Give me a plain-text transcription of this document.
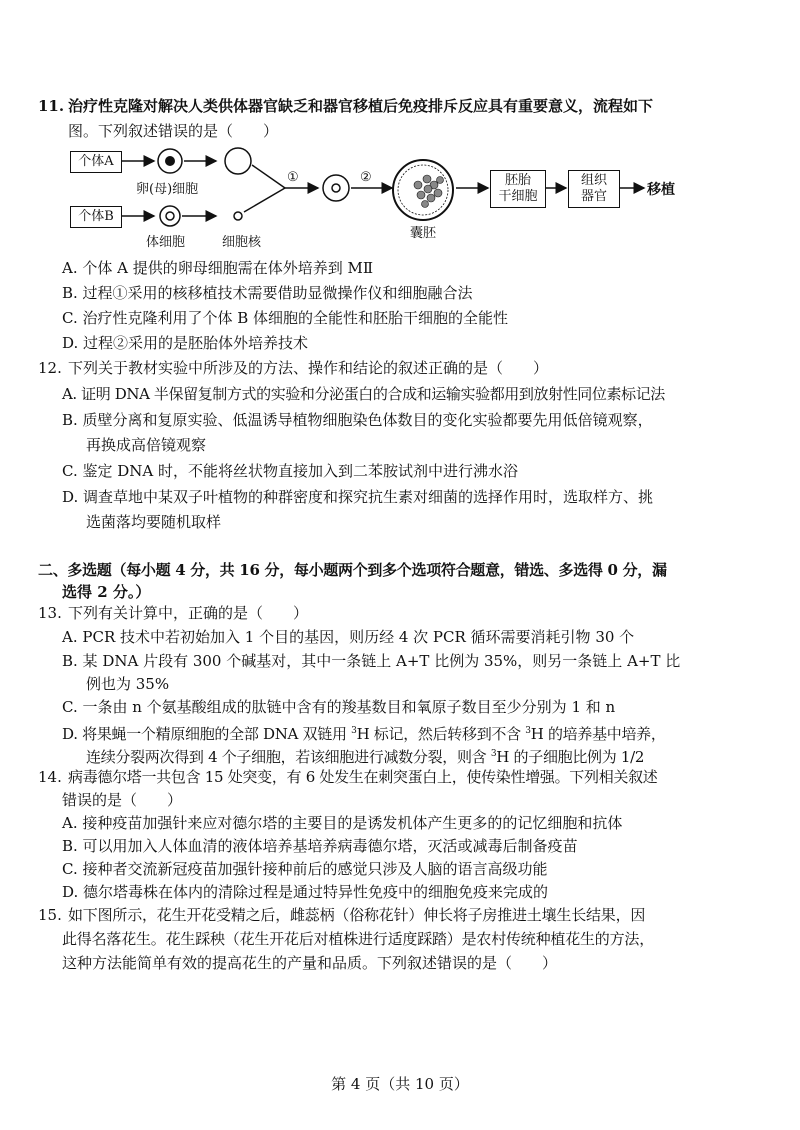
11. 治疗性克隆对解决人类供体器官缺乏和器官移植后免疫排斥反应具有重要意义，流程如下
图。下列叙述错误的是（　　）
个体A
个体B
卵(母)细胞
体细胞	细胞核
①	②
囊胚
胚胎
干细胞
组织
器官	移植
A. 个体 A 提供的卵母细胞需在体外培养到 MⅡ
B. 过程①采用的核移植技术需要借助显微操作仪和细胞融合法
C. 治疗性克隆利用了个体 B 体细胞的全能性和胚胎干细胞的全能性
D. 过程②采用的是胚胎体外培养技术
12. 下列关于教材实验中所涉及的方法、操作和结论的叙述正确的是（　　）
A. 证明 DNA 半保留复制方式的实验和分泌蛋白的合成和运输实验都用到放射性同位素标记法
B. 质壁分离和复原实验、低温诱导植物细胞染色体数目的变化实验都要先用低倍镜观察，
再换成高倍镜观察
C. 鉴定 DNA 时，不能将丝状物直接加入到二苯胺试剂中进行沸水浴
D. 调查草地中某双子叶植物的种群密度和探究抗生素对细菌的选择作用时，选取样方、挑
选菌落均要随机取样
二、多选题（每小题 4 分，共 16 分，每小题两个到多个选项符合题意，错选、多选得 0 分，漏
选得 2 分。）
13. 下列有关计算中，正确的是（　　）
A. PCR 技术中若初始加入 1 个目的基因，则历经 4 次 PCR 循环需要消耗引物 30 个
B. 某 DNA 片段有 300 个碱基对，其中一条链上 A+T 比例为 35%，则另一条链上 A+T 比
例也为 35%
C. 一条由 n 个氨基酸组成的肽链中含有的羧基数目和氧原子数目至少分别为 1 和 n
D. 将果蝇一个精原细胞的全部 DNA 双链用 $^3$H 标记，然后转移到不含 $^3$H 的培养基中培养，
连续分裂两次得到 4 个子细胞，若该细胞进行减数分裂，则含 $^3$H 的子细胞比例为 1/2
14. 病毒德尔塔一共包含 15 处突变，有 6 处发生在刺突蛋白上，使传染性增强。下列相关叙述
错误的是（　　）
A. 接种疫苗加强针来应对德尔塔的主要目的是诱发机体产生更多的的记忆细胞和抗体
B. 可以用加入人体血清的液体培养基培养病毒德尔塔，灭活或减毒后制备疫苗
C. 接种者交流新冠疫苗加强针接种前后的感觉只涉及人脑的语言高级功能
D. 德尔塔毒株在体内的清除过程是通过特异性免疫中的细胞免疫来完成的
15. 如下图所示，花生开花受精之后，雌蕊柄（俗称花针）伸长将子房推进土壤生长结果，因
此得名落花生。花生踩秧（花生开花后对植株进行适度踩踏）是农村传统种植花生的方法，
这种方法能简单有效的提高花生的产量和品质。下列叙述错误的是（　　）
第 4 页（共 10 页）
